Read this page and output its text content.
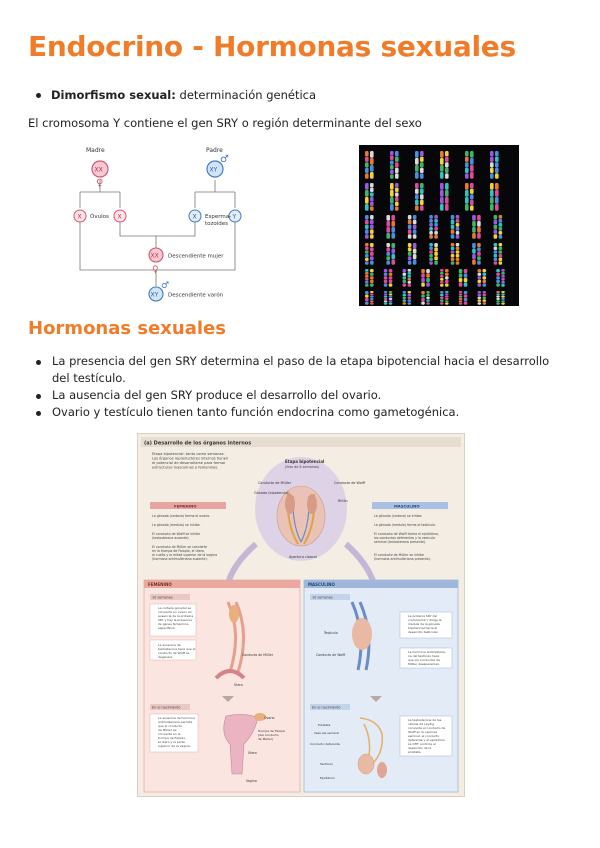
Endocrino - Hormonas sexuales
Dimorfismo sexual: determinación genética
El cromosoma Y contiene el gen SRY o región determinante del sexo
Madre	Padre
XX
♀
XY
♂
X	X
Óvulos	X	Y
Esperma-
tozoides
XX
♀
Descendiente mujer
XY
♂
Descendiente varón
Hormonas sexuales
La presencia del gen SRY determina el paso de la etapa bipotencial hacia el desarrollo del testículo.
La ausencia del gen SRY produce el desarrollo del ovario.
Ovario y testículo tienen tanto función endocrina como gametogénica.
(a) Desarrollo de los órganos internos
Etapa bipotencial: tanto como semanas.
Los órganos reproductores internos tienen
el potencial de desarrollarse para formar
estructuras masculinas o femeninas.
Etapa bipotencial
(feto de 6 semanas)
Conducto de Müller	Conducto de Wolff
Gónada (bipotencial)
Riñón
Apertura cloacal
FEMENINO	MASCULINO
La gónada (corteza) forma el ovario.
La gónada (medula) se inhibe.
El conducto de Wolff se inhibe
(testosterona ausente).
El conducto de Müller se convierte
en la trompa de Falopio, el útero,
el cuello y la mitad superior de la vagina
(hormona antimulleriana ausente).
La gónada (corteza) se inhibe.
La gónada (medula) forma el testículo.
El conducto de Wolff forma el epidídimo,
los conductos deferentes y la vesícula
seminal (testosterona presente).
El conducto de Müller se inhibe
(hormona antimulleriana presente).
FEMENINO
10 semanas
La corteza gonadal se
convierte en ovario en
ausencia de la proteína
SRY y hay la presencia
de genes femeninos
específicos.
La ausencia de
testosterona hace que el
conducto de Wolff se
degenere.	Conducto de Müller
Útero
En el nacimiento
La ausencia de hormona
antimülleriana permite
que el conducto
de Müller se
convierta en la
trompa de Falopio,
el útero y la parte
superior de la vagina.
Ovario
Trompa de Falopio
(del conducto
de Müller)
Útero
Vagina
MASCULINO
10 semanas
Testículo
Conducto de Wolff
La proteína SRY del
cromosoma Y dirige la
médula de la gónada
bipotencial hacia el
desarrollo testicular.
La hormona antimülleria-
na del testículo hace
que los conductos de
Müller desaparezcan.
En el nacimiento
Próstata
Vesícula seminal
Conducto deferente
Testículo
Epidídimo
La testosterona de las
células de Leydig
convierte el conducto de
Wolff en la vesícula
seminal, el conducto
deferente y el epidídimo.
La DHT controla el
desarrollo de la
próstata.
